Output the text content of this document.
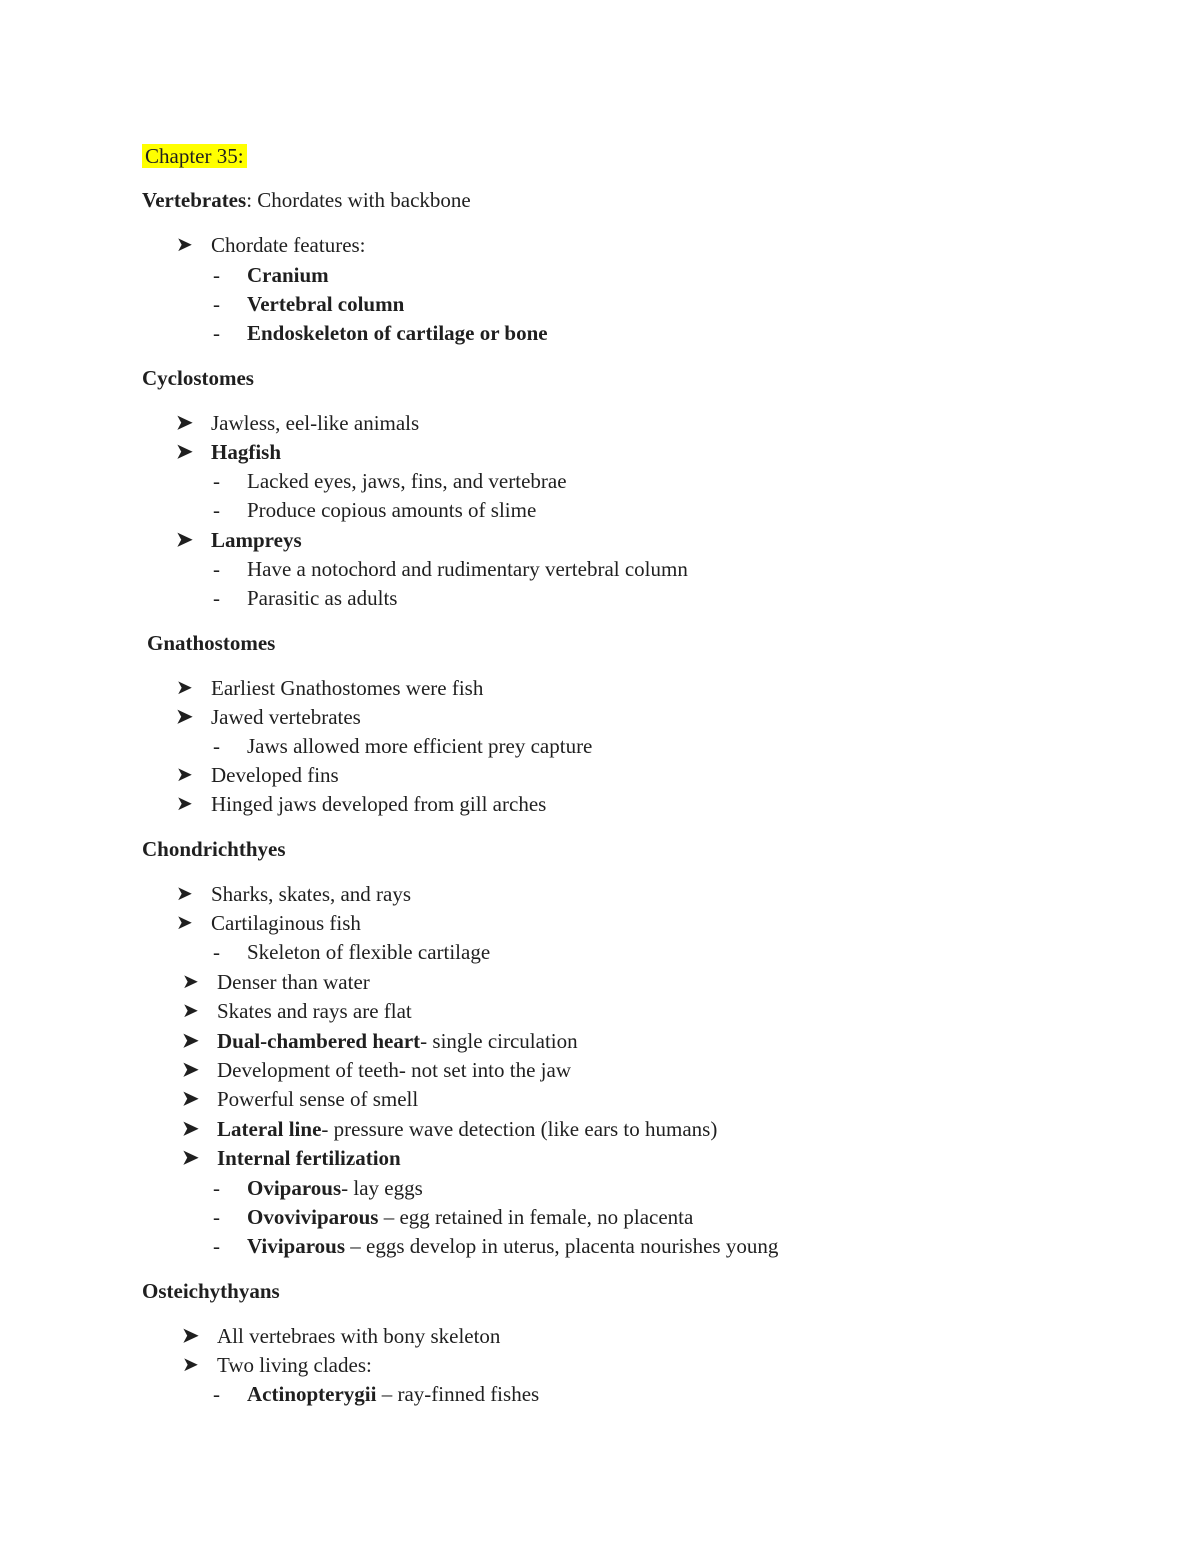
Chapter 35:
Vertebrates: Chordates with backbone
➤ Chordate features:
- Cranium
- Vertebral column
- Endoskeleton of cartilage or bone
Cyclostomes
➤ Jawless, eel-like animals
➤ Hagfish
- Lacked eyes, jaws, fins, and vertebrae
- Produce copious amounts of slime
➤ Lampreys
- Have a notochord and rudimentary vertebral column
- Parasitic as adults
Gnathostomes
➤ Earliest Gnathostomes were fish
➤ Jawed vertebrates
- Jaws allowed more efficient prey capture
➤ Developed fins
➤ Hinged jaws developed from gill arches
Chondrichthyes
➤ Sharks, skates, and rays
➤ Cartilaginous fish
- Skeleton of flexible cartilage
➤ Denser than water
➤ Skates and rays are flat
➤ Dual-chambered heart- single circulation
➤ Development of teeth- not set into the jaw
➤ Powerful sense of smell
➤ Lateral line- pressure wave detection (like ears to humans)
➤ Internal fertilization
- Oviparous- lay eggs
- Ovoviviparous – egg retained in female, no placenta
- Viviparous – eggs develop in uterus, placenta nourishes young
Osteichythyans
➤ All vertebraes with bony skeleton
➤ Two living clades:
- Actinopterygii – ray-finned fishes
